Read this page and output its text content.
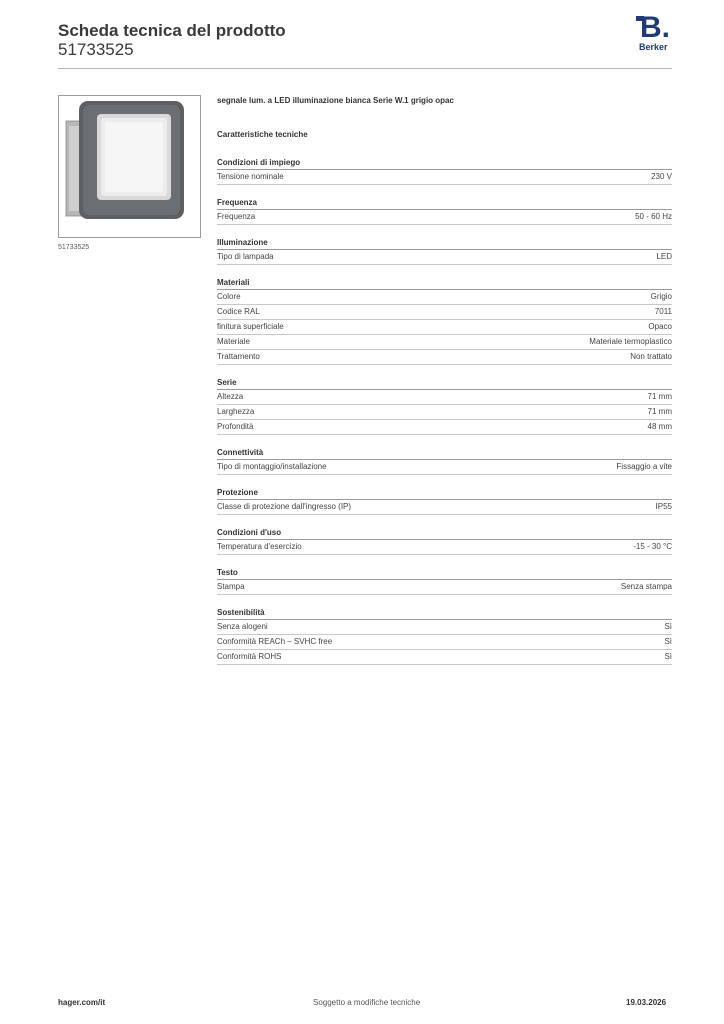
Scheda tecnica del prodotto
51733525
B.
Berker
51733525
segnale lum. a LED illuminazione bianca Serie W.1 grigio opac
Caratteristiche tecniche
Condizioni di impiego
Tensione nominale	230 V
Frequenza
Frequenza	50 - 60 Hz
Illuminazione
Tipo di lampada	LED
Materiali
Colore	Grigio
Codice RAL	7011
finitura superficiale	Opaco
Materiale	Materiale termoplastico
Trattamento	Non trattato
Serie
Altezza	71 mm
Larghezza	71 mm
Profondità	48 mm
Connettività
Tipo di montaggio/installazione	Fissaggio a vite
Protezione
Classe di protezione dall'ingresso (IP)	IP55
Condizioni d'uso
Temperatura d'esercizio	-15 - 30 °C
Testo
Stampa	Senza stampa
Sostenibilità
Senza alogeni	Sì
Conformità REACh – SVHC free	Sì
Conformità ROHS	Sì
hager.com/it	Soggetto a modifiche tecniche	19.03.2026
